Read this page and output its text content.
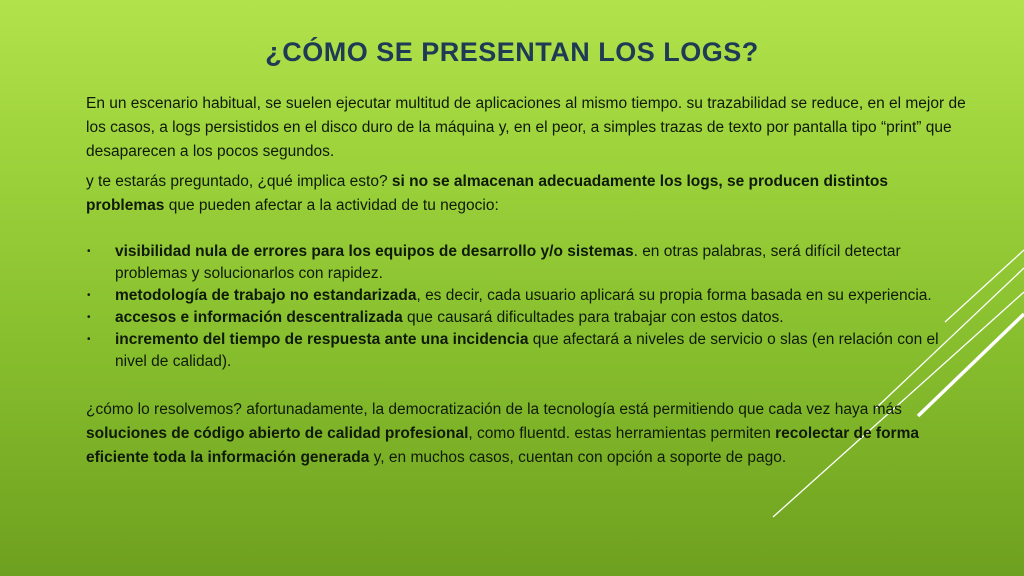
¿CÓMO SE PRESENTAN LOS LOGS?

En un escenario habitual, se suelen ejecutar multitud de aplicaciones al mismo tiempo. su trazabilidad se reduce, en el mejor de los casos, a logs persistidos en el disco duro de la máquina y, en el peor, a simples trazas de texto por pantalla tipo “print” que desaparecen a los pocos segundos.

y te estarás preguntado, ¿qué implica esto? si no se almacenan adecuadamente los logs, se producen distintos problemas que pueden afectar a la actividad de tu negocio:

• visibilidad nula de errores para los equipos de desarrollo y/o sistemas. en otras palabras, será difícil detectar problemas y solucionarlos con rapidez.
• metodología de trabajo no estandarizada, es decir, cada usuario aplicará su propia forma basada en su experiencia.
• accesos e información descentralizada que causará dificultades para trabajar con estos datos.
• incremento del tiempo de respuesta ante una incidencia que afectará a niveles de servicio o slas (en relación con el nivel de calidad).

¿cómo lo resolvemos? afortunadamente, la democratización de la tecnología está permitiendo que cada vez haya más soluciones de código abierto de calidad profesional, como fluentd. estas herramientas permiten recolectar de forma eficiente toda la información generada y, en muchos casos, cuentan con opción a soporte de pago.
